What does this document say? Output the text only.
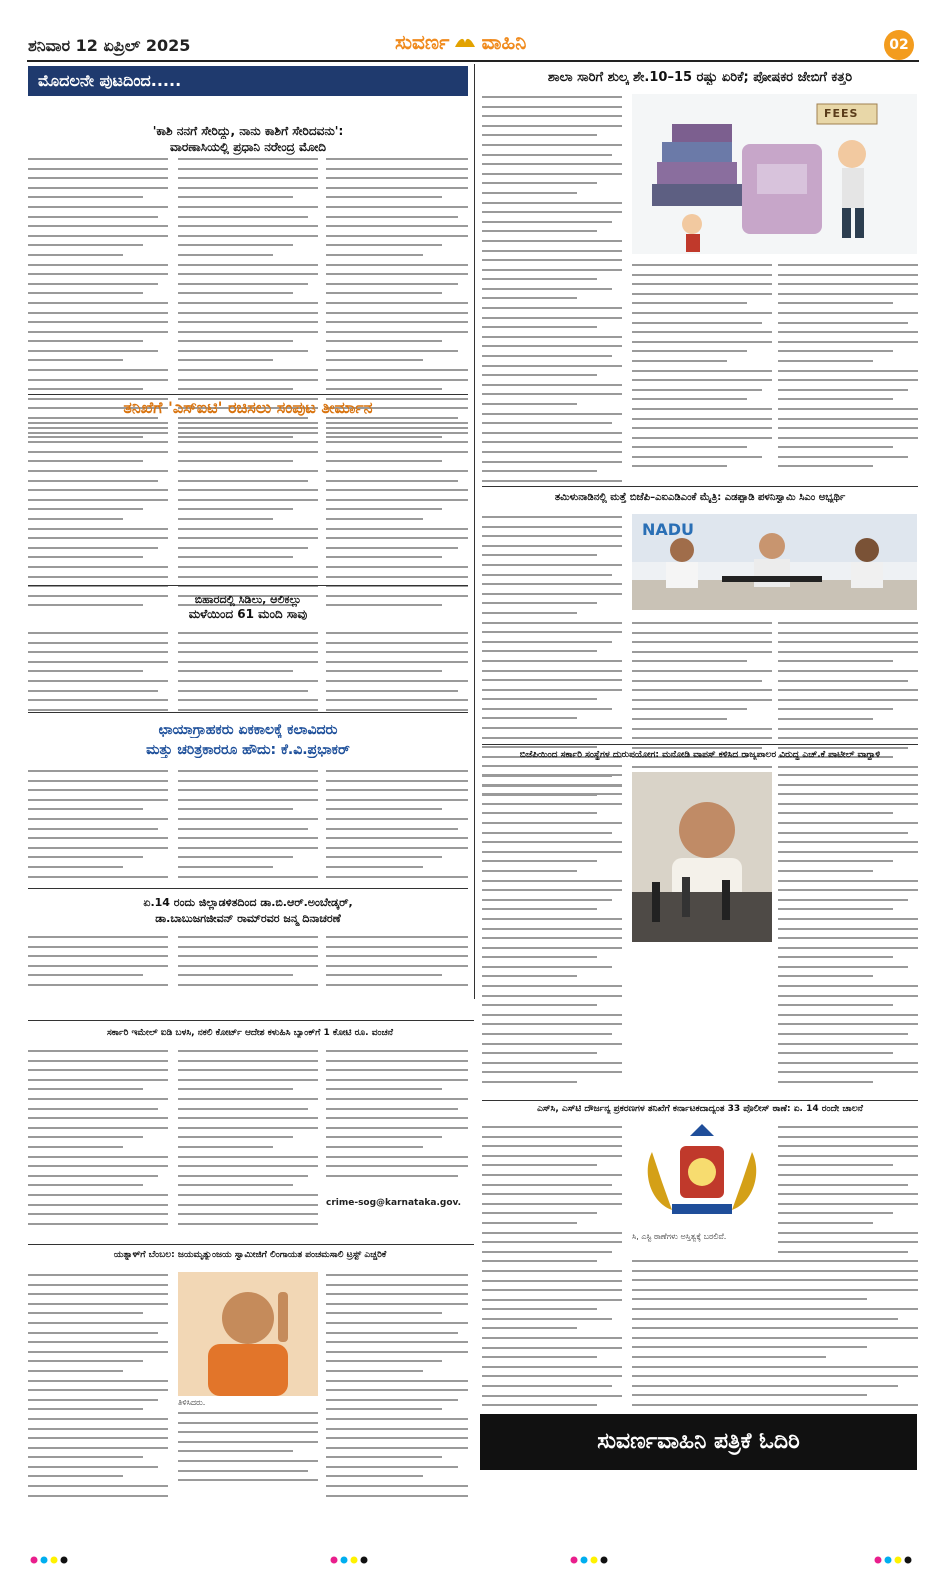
ಶನಿವಾರ 12 ಏಪ್ರಿಲ್ 2025	ಸುವರ್ಣ ವಾಹಿನಿ	02
ಮೊದಲನೇ ಪುಟದಿಂದ.....
'ಕಾಶಿ ನನಗೆ ಸೇರಿದ್ದು, ನಾನು ಕಾಶಿಗೆ ಸೇರಿದವನು':
ವಾರಣಾಸಿಯಲ್ಲಿ ಪ್ರಧಾನಿ ನರೇಂದ್ರ ಮೋದಿ
ತನಿಖೆಗೆ 'ಎಸ್‌ಐಟಿ' ರಚಿಸಲು ಸಂಪುಟ ತೀರ್ಮಾನ
ಬಿಹಾರದಲ್ಲಿ ಸಿಡಿಲು, ಆಲಿಕಲ್ಲು
ಮಳೆಯಿಂದ 61 ಮಂದಿ ಸಾವು
ಛಾಯಾಗ್ರಾಹಕರು ಏಕಕಾಲಕ್ಕೆ ಕಲಾವಿದರು
ಮತ್ತು ಚರಿತ್ರಕಾರರೂ ಹೌದು: ಕೆ.ವಿ.ಪ್ರಭಾಕರ್
ಏ.14 ರಂದು ಜಿಲ್ಲಾಡಳಿತದಿಂದ ಡಾ.ಬಿ.ಆರ್.ಅಂಬೇಡ್ಕರ್,
ಡಾ.ಬಾಬುಜಗಜೀವನ್ ರಾಮ್‌ರವರ ಜನ್ಮ ದಿನಾಚರಣೆ
ಶಾಲಾ ಸಾರಿಗೆ ಶುಲ್ಕ ಶೇ.10–15 ರಷ್ಟು ಏರಿಕೆ; ಪೋಷಕರ ಜೇಬಿಗೆ ಕತ್ತರಿ
FEES
ತಮಿಳುನಾಡಿನಲ್ಲಿ ಮತ್ತೆ ಬಿಜೆಪಿ–ಎಐಎಡಿಎಂಕೆ ಮೈತ್ರಿ: ಎಡಪ್ಪಾಡಿ ಪಳನಿಸ್ವಾಮಿ ಸಿಎಂ ಅಭ್ಯರ್ಥಿ
NADU
ಬಿಜೆಪಿಯಿಂದ ಸರ್ಕಾರಿ ಸಂಸ್ಥೆಗಳ ದುರುಪಯೋಗ: ಮನೋಡಿ ವಾಪಸ್ ಕಳಿಸಿದ ರಾಜ್ಯಪಾಲರ ವಿರುದ್ಧ ಎಚ್.ಕೆ ಪಾಟೀಲ್ ವಾಗ್ದಾಳಿ
ಎಸ್‌ಸಿ, ಎಸ್‌ಟಿ ದೌರ್ಜನ್ಯ ಪ್ರಕರಣಗಳ ತನಿಖೆಗೆ ಕರ್ನಾಟಕದಾದ್ಯಂತ 33 ಪೊಲೀಸ್ ಠಾಣೆ: ಏ. 14 ರಂದೇ ಚಾಲನೆ
ಸಿ, ಎಸ್ಟಿ ಠಾಣೆಗಳು ಅಸ್ತಿತ್ವಕ್ಕೆ ಬರಲಿವೆ.
ಸುವರ್ಣವಾಹಿನಿ ಪತ್ರಿಕೆ ಓದಿರಿ
ಸರ್ಕಾರಿ ಇಮೇಲ್ ಐಡಿ ಬಳಸಿ, ನಕಲಿ ಕೋರ್ಟ್ ಆದೇಶ ಕಳುಹಿಸಿ ಬ್ಯಾಂಕ್‌ಗೆ 1 ಕೋಟಿ ರೂ. ವಂಚನೆ
crime-sog@karnataka.gov.
ಯತ್ನಾಳ್‌ಗೆ ಬೆಂಬಲ: ಜಯಮೃತ್ಯುಂಜಯ ಸ್ವಾಮೀಜಿಗೆ ಲಿಂಗಾಯತ ಪಂಚಮಸಾಲಿ ಟ್ರಸ್ಟ್ ಎಚ್ಚರಿಕೆ
ತಿಳಿಸಿದರು.
